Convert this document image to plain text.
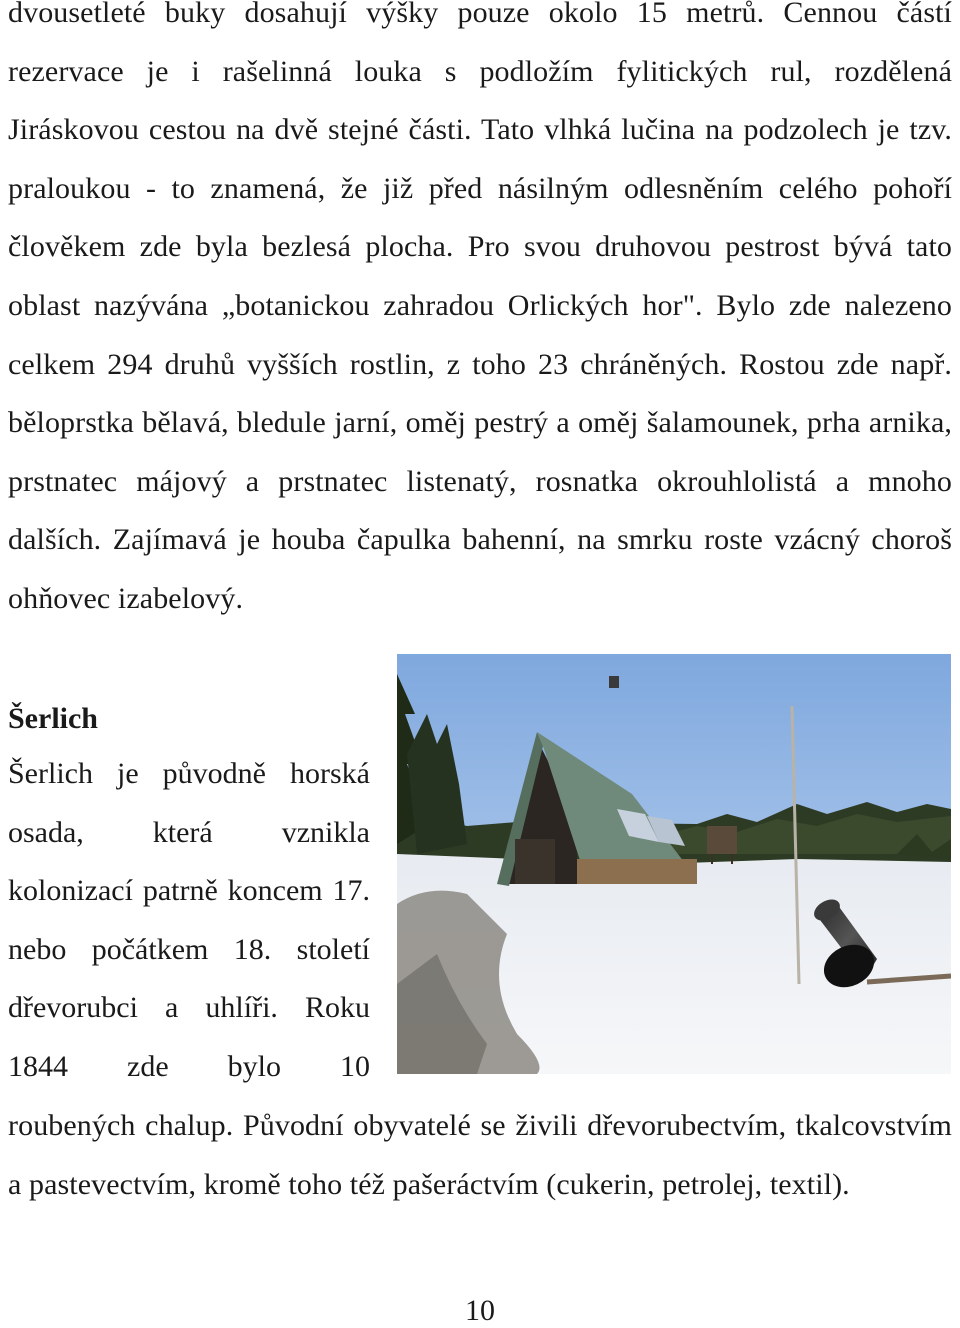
dvousetleté buky dosahují výšky pouze okolo 15 metrů. Cennou částí rezervace je i rašelinná louka s podložím fylitických rul, rozdělená Jiráskovou cestou na dvě stejné části. Tato vlhká lučina na podzolech je tzv. praloukou - to znamená, že již před násilným odlesněním celého pohoří člověkem zde byla bezlesá plocha. Pro svou druhovou pestrost bývá tato oblast nazývána „botanickou zahradou Orlických hor". Bylo zde nalezeno celkem 294 druhů vyšších rostlin, z toho 23 chráněných. Rostou zde např. běloprstka bělavá, bledule jarní, oměj pestrý a oměj šalamounek, prha arnika, prstnatec májový a prstnatec listenatý, rosnatka okrouhlolistá a mnoho dalších. Zajímavá je houba čapulka bahenní, na smrku roste vzácný choroš ohňovec izabelový.
Šerlich
Šerlich je původně horská osada, která vznikla kolonizací patrně koncem 17. nebo počátkem 18. století dřevorubci a uhlíři. Roku 1844 zde bylo 10
roubených chalup. Původní obyvatelé se živili dřevorubectvím, tkalcovstvím a pastevectvím, kromě toho též pašeráctvím (cukerin, petrolej, textil).
10
